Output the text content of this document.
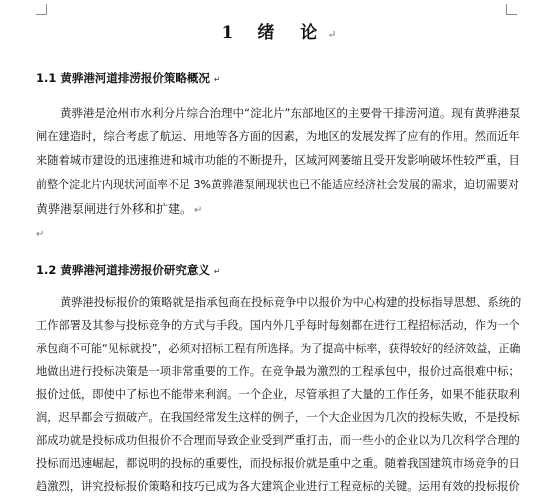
1 绪 论↵
1.1 黄骅港河道排涝报价策略概况 ↵
黄骅港是沧州市水利分片综合治理中“淀北片”东部地区的主要骨干排涝河道。现有黄骅港泵
闸在建造时，综合考虑了航运、用地等各方面的因素，为地区的发展发挥了应有的作用。然而近年
来随着城市建设的迅速推进和城市功能的不断提升，区域河网萎缩且受开发影响破坏性较严重，目
前整个淀北片内现状河面率不足 3%黄骅港泵闸现状也已不能适应经济社会发展的需求，迫切需要对
黄骅港泵闸进行外移和扩建。 ↵
↵
1.2 黄骅港河道排涝报价研究意义 ↵
黄骅港投标报价的策略就是指承包商在投标竞争中以报价为中心构建的投标指导思想、系统的
工作部署及其参与投标竞争的方式与手段。国内外几乎每时每刻都在进行工程招标活动，作为一个
承包商不可能“见标就投”，必须对招标工程有所选择。为了提高中标率，获得较好的经济效益，正确
地做出进行投标决策是一项非常重要的工作。在竞争最为激烈的工程承包中，报价过高很难中标；
报价过低，即使中了标也不能带来利润。一个企业，尽管承担了大量的工作任务，如果不能获取利
润，迟早都会亏损破产。在我国经常发生这样的例子，一个大企业因为几次的投标失败，不是投标
部成功就是投标成功但报价不合理而导致企业受到严重打击，而一些小的企业以为几次科学合理的
投标而迅速崛起，都说明的投标的重要性，而投标报价就是重中之重。随着我国建筑市场竞争的日
趋激烈，讲究投标报价策略和技巧已成为各大建筑企业进行工程竞标的关键。运用有效的投标报价
